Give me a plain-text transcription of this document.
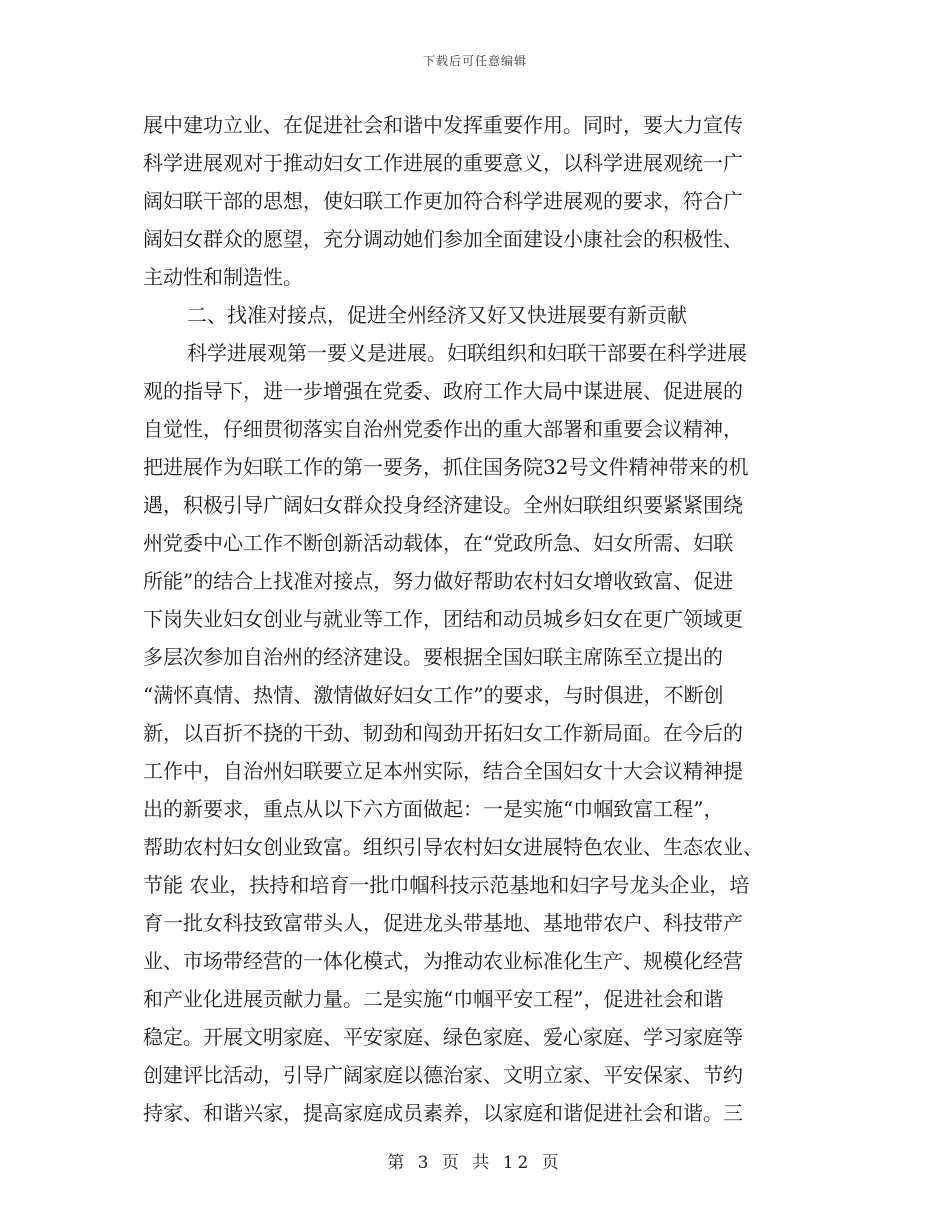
下载后可任意编辑
展中建功立业、在促进社会和谐中发挥重要作用。同时，要大力宣传
科学进展观对于推动妇女工作进展的重要意义，以科学进展观统一广
阔妇联干部的思想，使妇联工作更加符合科学进展观的要求，符合广
阔妇女群众的愿望，充分调动她们参加全面建设小康社会的积极性、
主动性和制造性。
二、找准对接点，促进全州经济又好又快进展要有新贡献
科学进展观第一要义是进展。妇联组织和妇联干部要在科学进展
观的指导下，进一步增强在党委、政府工作大局中谋进展、促进展的
自觉性，仔细贯彻落实自治州党委作出的重大部署和重要会议精神，
把进展作为妇联工作的第一要务，抓住国务院32号文件精神带来的机
遇，积极引导广阔妇女群众投身经济建设。全州妇联组织要紧紧围绕
州党委中心工作不断创新活动载体，在“党政所急、妇女所需、妇联
所能”的结合上找准对接点，努力做好帮助农村妇女增收致富、促进
下岗失业妇女创业与就业等工作，团结和动员城乡妇女在更广领域更
多层次参加自治州的经济建设。要根据全国妇联主席陈至立提出的
“满怀真情、热情、激情做好妇女工作”的要求，与时俱进，不断创
新，以百折不挠的干劲、韧劲和闯劲开拓妇女工作新局面。在今后的
工作中，自治州妇联要立足本州实际，结合全国妇女十大会议精神提
出的新要求，重点从以下六方面做起：一是实施“巾帼致富工程”，
帮助农村妇女创业致富。组织引导农村妇女进展特色农业、生态农业、
节能 农业，扶持和培育一批巾帼科技示范基地和妇字号龙头企业，培
育一批女科技致富带头人，促进龙头带基地、基地带农户、科技带产
业、市场带经营的一体化模式，为推动农业标准化生产、规模化经营
和产业化进展贡献力量。二是实施“巾帼平安工程”，促进社会和谐
稳定。开展文明家庭、平安家庭、绿色家庭、爱心家庭、学习家庭等
创建评比活动，引导广阔家庭以德治家、文明立家、平安保家、节约
持家、和谐兴家，提高家庭成员素养，以家庭和谐促进社会和谐。三
第 3 页 共 12 页
